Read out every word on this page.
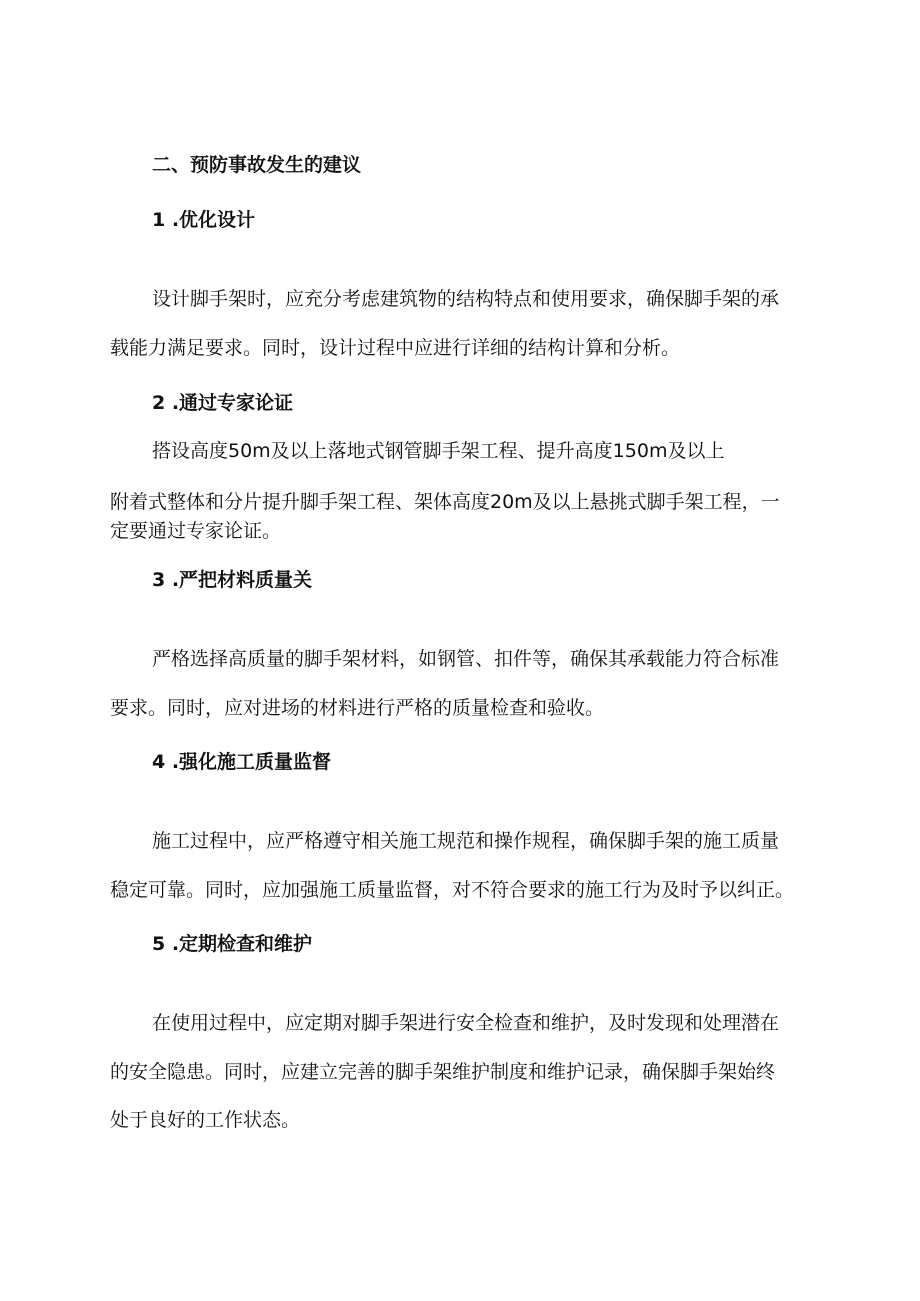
二、预防事故发生的建议
1 .优化设计
设计脚手架时，应充分考虑建筑物的结构特点和使用要求，确保脚手架的承
载能力满足要求。同时，设计过程中应进行详细的结构计算和分析。
2 .通过专家论证
搭设高度50m及以上落地式钢管脚手架工程、提升高度150m及以上
附着式整体和分片提升脚手架工程、架体高度20m及以上悬挑式脚手架工程，一
定要通过专家论证。
3 .严把材料质量关
严格选择高质量的脚手架材料，如钢管、扣件等，确保其承载能力符合标准
要求。同时，应对进场的材料进行严格的质量检查和验收。
4 .强化施工质量监督
施工过程中，应严格遵守相关施工规范和操作规程，确保脚手架的施工质量
稳定可靠。同时，应加强施工质量监督，对不符合要求的施工行为及时予以纠正。
5 .定期检查和维护
在使用过程中，应定期对脚手架进行安全检查和维护，及时发现和处理潜在
的安全隐患。同时，应建立完善的脚手架维护制度和维护记录，确保脚手架始终
处于良好的工作状态。
